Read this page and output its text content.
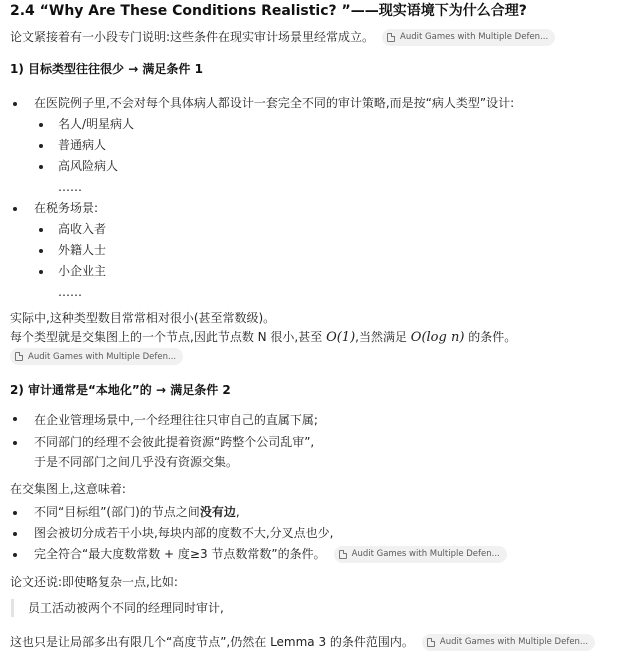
2.4 “Why Are These Conditions Realistic? ”——现实语境下为什么合理?
论文紧接着有一小段专门说明:这些条件在现实审计场景里经常成立。	Audit Games with Multiple Defen...
1) 目标类型往往很少 → 满足条件 1
在医院例子里,不会对每个具体病人都设计一套完全不同的审计策略,而是按“病人类型”设计:
名人/明星病人
普通病人
高风险病人
……
在税务场景:
高收入者
外籍人士
小企业主
……

实际中,这种类型数目常常相对很小(甚至常数级)。

每个类型就是交集图上的一个节点,因此节点数 N 很小,甚至 O(1),当然满足 O(log n) 的条件。

Audit Games with Multiple Defen...
2) 审计通常是“本地化”的 → 满足条件 2
在企业管理场景中,一个经理往往只审自己的直属下属;
不同部门的经理不会彼此提着资源“跨整个公司乱审”,
于是不同部门之间几乎没有资源交集。

在交集图上,这意味着:

不同“目标组”(部门)的节点之间没有边,
图会被切分成若干小块,每块内部的度数不大,分叉点也少,
完全符合“最大度数常数 + 度≥3 节点数常数”的条件。	Audit Games with Multiple Defen...

论文还说:即使略复杂一点,比如:

员工活动被两个不同的经理同时审计,
这也只是让局部多出有限几个“高度节点”,仍然在 Lemma 3 的条件范围内。	Audit Games with Multiple Defen...
